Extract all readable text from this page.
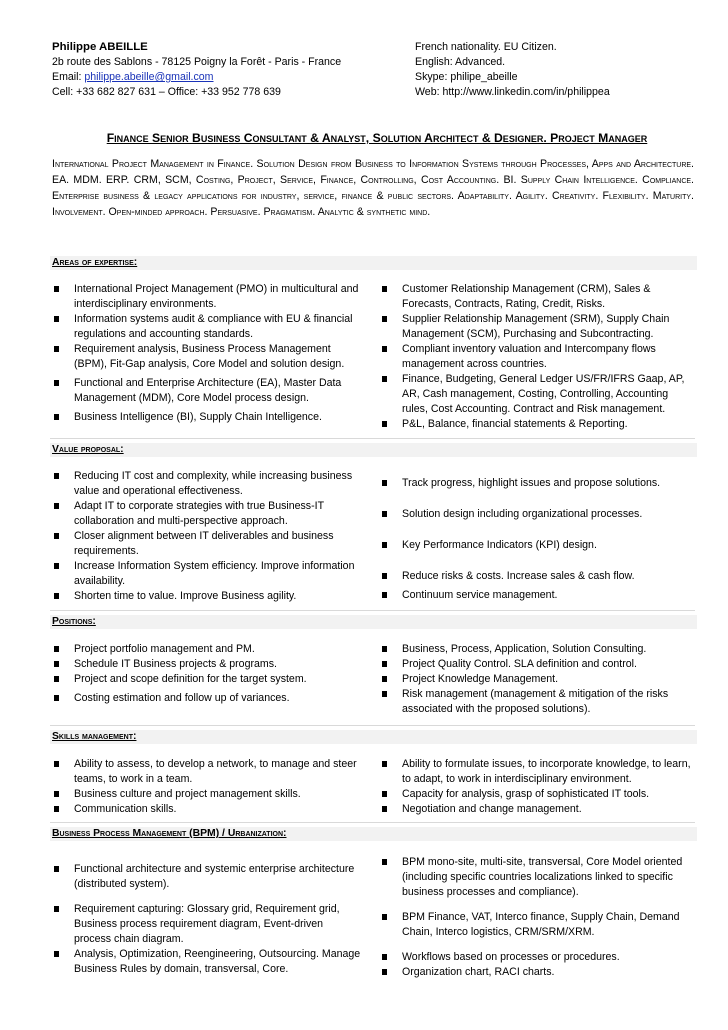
Philippe ABEILLE
2b route des Sablons - 78125 Poigny la Forêt - Paris - France
Email: philippe.abeille@gmail.com
Cell: +33 682 827 631 – Office: +33 952 778 639
French nationality. EU Citizen.
English: Advanced.
Skype: philipe_abeille
Web: http://www.linkedin.com/in/philippea
Finance Senior Business Consultant & Analyst, Solution Architect & Designer. Project Manager
International Project Management in Finance. Solution Design from Business to Information Systems through Processes, Apps and Architecture. EA. MDM. ERP. CRM, SCM, Costing, Project, Service, Finance, Controlling, Cost Accounting. BI. Supply Chain Intelligence. Compliance. Enterprise business & legacy applications for industry, service, finance & public sectors. Adaptability. Agility. Creativity. Flexibility. Maturity. Involvement. Open-minded approach. Persuasive. Pragmatism. Analytic & synthetic mind.
Areas of expertise:
International Project Management (PMO) in multicultural and interdisciplinary environments.
Information systems audit & compliance with EU & financial regulations and accounting standards.
Requirement analysis, Business Process Management (BPM), Fit-Gap analysis, Core Model and solution design.
Functional and Enterprise Architecture (EA), Master Data Management (MDM), Core Model process design.
Business Intelligence (BI), Supply Chain Intelligence.
Customer Relationship Management (CRM), Sales & Forecasts, Contracts, Rating, Credit, Risks.
Supplier Relationship Management (SRM), Supply Chain Management (SCM), Purchasing and Subcontracting.
Compliant inventory valuation and Intercompany flows management across countries.
Finance, Budgeting, General Ledger US/FR/IFRS Gaap, AP, AR, Cash management, Costing, Controlling, Accounting rules, Cost Accounting. Contract and Risk management.
P&L, Balance, financial statements & Reporting.
Value proposal:
Reducing IT cost and complexity, while increasing business value and operational effectiveness.
Adapt IT to corporate strategies with true Business-IT collaboration and multi-perspective approach.
Closer alignment between IT deliverables and business requirements.
Increase Information System efficiency. Improve information availability.
Shorten time to value. Improve Business agility.
Track progress, highlight issues and propose solutions.
Solution design including organizational processes.
Key Performance Indicators (KPI) design.
Reduce risks & costs. Increase sales & cash flow.
Continuum service management.
Positions:
Project portfolio management and PM.
Schedule IT Business projects & programs.
Project and scope definition for the target system.
Costing estimation and follow up of variances.
Business, Process, Application, Solution Consulting.
Project Quality Control. SLA definition and control.
Project Knowledge Management.
Risk management (management & mitigation of the risks associated with the proposed solutions).
Skills management:
Ability to assess, to develop a network, to manage and steer teams, to work in a team.
Business culture and project management skills.
Communication skills.
Ability to formulate issues, to incorporate knowledge, to learn, to adapt, to work in interdisciplinary environment.
Capacity for analysis, grasp of sophisticated IT tools.
Negotiation and change management.
Business Process Management (BPM) / Urbanization:
Functional architecture and systemic enterprise architecture (distributed system).
Requirement capturing: Glossary grid, Requirement grid, Business process requirement diagram, Event-driven process chain diagram.
Analysis, Optimization, Reengineering, Outsourcing. Manage Business Rules by domain, transversal, Core.
BPM mono-site, multi-site, transversal, Core Model oriented (including specific countries localizations linked to specific business processes and compliance).
BPM Finance, VAT, Interco finance, Supply Chain, Demand Chain, Interco logistics, CRM/SRM/XRM.
Workflows based on processes or procedures.
Organization chart, RACI charts.
